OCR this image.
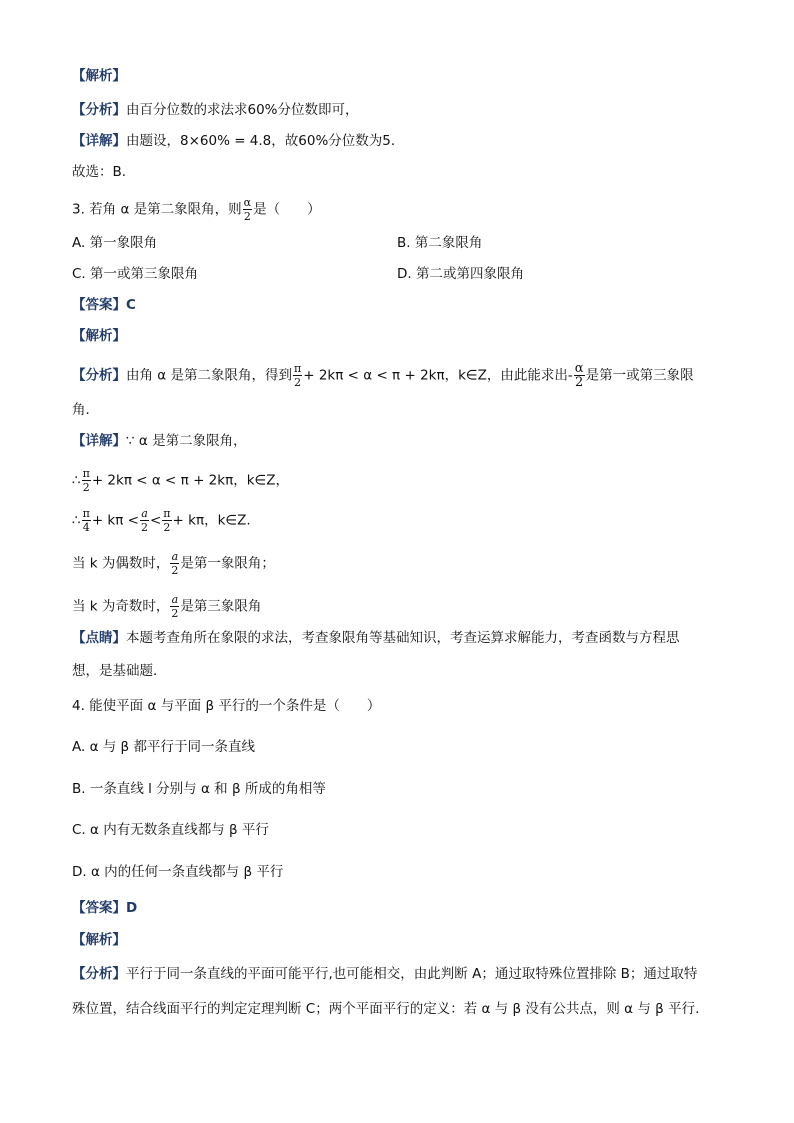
【解析】
【分析】由百分位数的求法求60%分位数即可，
【详解】由题设，8×60% = 4.8，故60%分位数为5．
故选：B.
3. 若角 α 是第二象限角，则 $\frac{\alpha}{2}$ 是（　　）
A. 第一象限角	B. 第二象限角
C. 第一或第三象限角	D. 第二或第四象限角
【答案】C
【解析】
【分析】由角 α 是第二象限角，得到 $\frac{\pi}{2} + 2k\pi < \alpha < \pi + 2k\pi$，k∈Z，由此能求出- $\frac{\alpha}{2}$ 是第一或第三象限
角．
【详解】∵ α 是第二象限角，
∴ $\frac{\pi}{2} + 2k\pi < \alpha < \pi + 2k\pi$，k∈Z，
∴ $\frac{\pi}{4} + k\pi < \frac{a}{2} < \frac{\pi}{2} + k\pi$，k∈Z.
当 k 为偶数时， $\frac{a}{2}$ 是第一象限角；
当 k 为奇数时， $\frac{a}{2}$ 是第三象限角
【点睛】本题考查角所在象限的求法，考查象限角等基础知识，考查运算求解能力，考查函数与方程思
想，是基础题．
4. 能使平面 α 与平面 β 平行的一个条件是（　　）
A. α 与 β 都平行于同一条直线
B. 一条直线 l 分别与 α 和 β 所成的角相等
C. α 内有无数条直线都与 β 平行
D. α 内的任何一条直线都与 β 平行
【答案】D
【解析】
【分析】平行于同一条直线的平面可能平行,也可能相交，由此判断 A；通过取特殊位置排除 B；通过取特
殊位置，结合线面平行的判定定理判断 C；两个平面平行的定义：若 α 与 β 没有公共点，则 α 与 β 平行.
